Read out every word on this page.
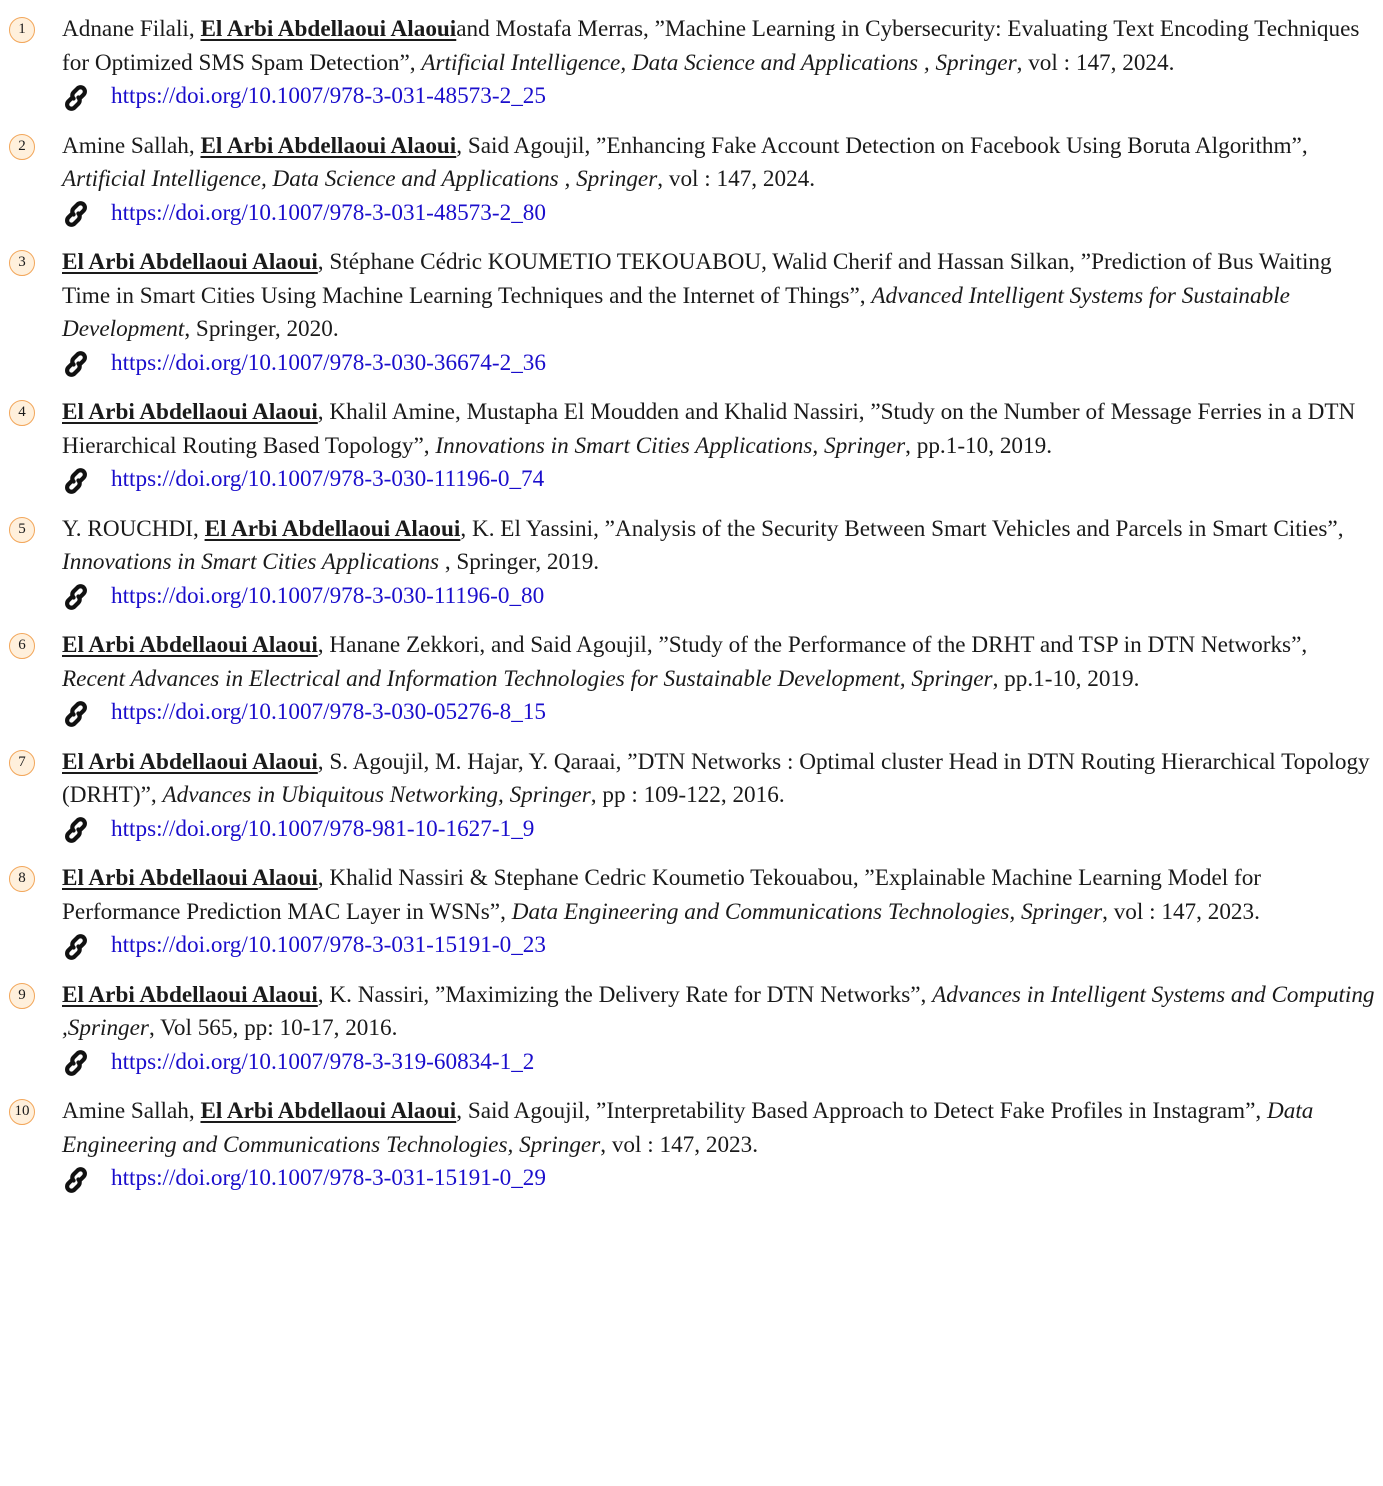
1	Adnane Filali, El Arbi Abdellaoui Alaouiand Mostafa Merras, ”Machine Learning in Cybersecurity: Evaluating Text Encoding Techniques for Optimized SMS Spam Detection”, Artificial Intelligence, Data Science and Applications , Springer, vol : 147, 2024.
https://doi.org/10.1007/978-3-031-48573-2_25
2	Amine Sallah, El Arbi Abdellaoui Alaoui, Said Agoujil, ”Enhancing Fake Account Detection on Facebook Using Boruta Algorithm”, Artificial Intelligence, Data Science and Applications , Springer, vol : 147, 2024.
https://doi.org/10.1007/978-3-031-48573-2_80
3	El Arbi Abdellaoui Alaoui, Stéphane Cédric KOUMETIO TEKOUABOU, Walid Cherif and Hassan Silkan, ”Prediction of Bus Waiting Time in Smart Cities Using Machine Learning Techniques and the Internet of Things”, Advanced Intelligent Systems for Sustainable Development, Springer, 2020.
https://doi.org/10.1007/978-3-030-36674-2_36
4	El Arbi Abdellaoui Alaoui, Khalil Amine, Mustapha El Moudden and Khalid Nassiri, ”Study on the Number of Message Ferries in a DTN Hierarchical Routing Based Topology”, Innovations in Smart Cities Applications, Springer, pp.1-10, 2019.
https://doi.org/10.1007/978-3-030-11196-0_74
5	Y. ROUCHDI, El Arbi Abdellaoui Alaoui, K. El Yassini, ”Analysis of the Security Between Smart Vehicles and Parcels in Smart Cities”, Innovations in Smart Cities Applications , Springer, 2019.
https://doi.org/10.1007/978-3-030-11196-0_80
6	El Arbi Abdellaoui Alaoui, Hanane Zekkori, and Said Agoujil, ”Study of the Performance of the DRHT and TSP in DTN Networks”, Recent Advances in Electrical and Information Technologies for Sustainable Development, Springer, pp.1-10, 2019.
https://doi.org/10.1007/978-3-030-05276-8_15
7	El Arbi Abdellaoui Alaoui, S. Agoujil, M. Hajar, Y. Qaraai, ”DTN Networks : Optimal cluster Head in DTN Routing Hierarchical Topology (DRHT)”, Advances in Ubiquitous Networking, Springer, pp : 109-122, 2016.
https://doi.org/10.1007/978-981-10-1627-1_9
8	El Arbi Abdellaoui Alaoui, Khalid Nassiri & Stephane Cedric Koumetio Tekouabou, ”Explainable Machine Learning Model for Performance Prediction MAC Layer in WSNs”, Data Engineering and Communications Technologies, Springer, vol : 147, 2023.
https://doi.org/10.1007/978-3-031-15191-0_23
9	El Arbi Abdellaoui Alaoui, K. Nassiri, ”Maximizing the Delivery Rate for DTN Networks”, Advances in Intelligent Systems and Computing ,Springer, Vol 565, pp: 10-17, 2016.
https://doi.org/10.1007/978-3-319-60834-1_2
10 Amine Sallah, El Arbi Abdellaoui Alaoui, Said Agoujil, ”Interpretability Based Approach to Detect Fake Profiles in Instagram”, Data Engineering and Communications Technologies, Springer, vol : 147, 2023.
https://doi.org/10.1007/978-3-031-15191-0_29
